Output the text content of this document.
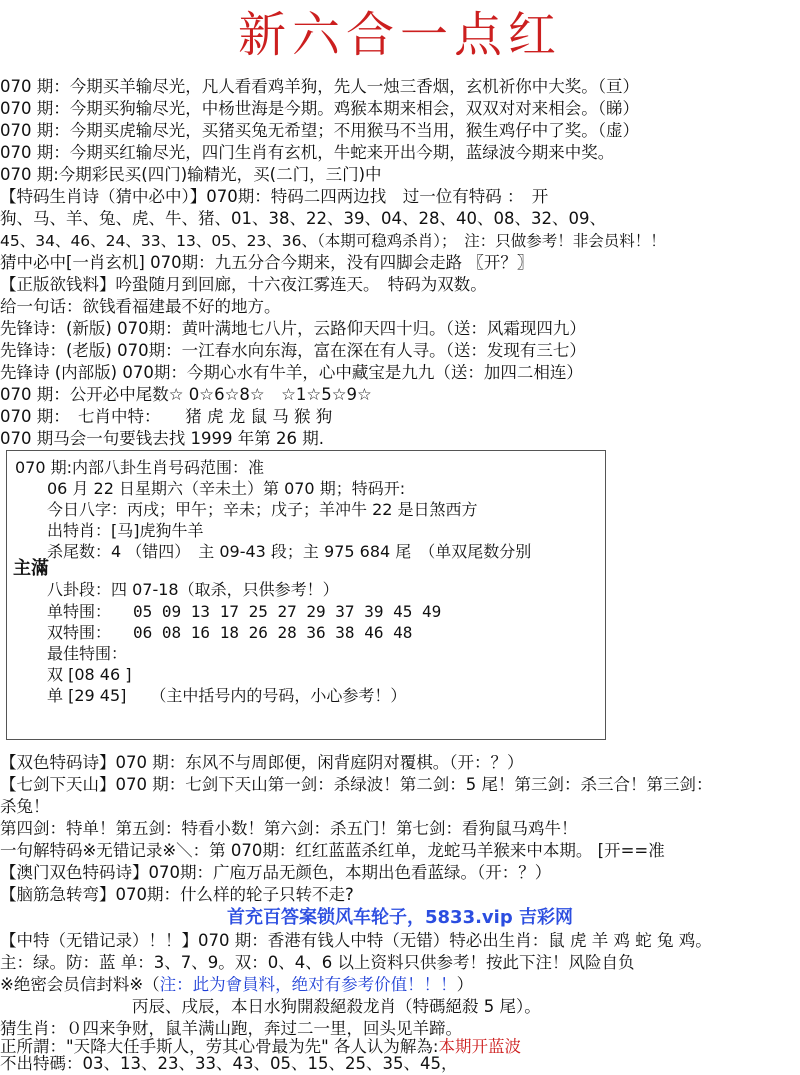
新六合一点红
070 期：今期买羊输尽光，凡人看看鸡羊狗，先人一烛三香烟，玄机祈你中大奖。（亘）
070 期：今期买狗输尽光，中杨世海是今期。鸡猴本期来相会，双双对对来相会。（睇）
070 期：今期买虎输尽光，买猪买兔无希望；不用猴马不当用，猴生鸡仔中了奖。（虚）
070 期：今期买红输尽光，四门生肖有玄机，牛蛇来开出今期，蓝绿波今期来中奖。
070 期:今期彩民买(四门)输精光，买(二门，三门)中
【特码生肖诗（猜中必中）】070期：特码二四两边找　过一位有特码 ：　开
狗、马、羊、兔、虎、牛、猪、01、38、22、39、04、28、40、08、32、09、
45、34、46、24、33、13、05、23、36、（本期可稳鸡杀肖）；　注：只做参考！非会员料！！
猜中必中[一肖玄机] 070期：九五分合今期来，没有四脚会走路 〖开？〗
【正版欲钱料】吟蛩随月到回廊，十六夜江雾连天。　特码为双数。
给一句话：欲钱看福建最不好的地方。
先锋诗：(新版) 070期：黄叶满地七八片，云路仰天四十归。（送：风霜现四九）
先锋诗：(老版) 070期：一江春水向东海，富在深在有人寻。（送：发现有三七）
先锋诗 (内部版) 070期：今期心水有牛羊，心中藏宝是九九（送：加四二相连）
070 期：公开必中尾数☆ 0☆6☆8☆　☆1☆5☆9☆
070 期：　七肖中特：　　猪 虎 龙 鼠 马 猴 狗
070 期马会一句要钱去找 1999 年第 26 期.
070 期:内部八卦生肖号码范围：准
06 月 22 日星期六（辛未土）第 070 期；特码开:
今日八字：丙戌；甲午；辛未；戊子；羊冲牛 22 是日煞西方
出特肖：[马]虎狗牛羊
杀尾数：4 （错四）　主 09-43 段；主 975 684 尾　（单双尾数分别
八卦段：四 07-18（取杀，只供参考！）
单特围： 05 09 13 17 25 27 29 37 39 45 49
双特围： 06 08 16 18 26 28 36 38 46 48
最佳特围：
双 [08 46 ]
单 [29 45]　　（主中括号内的号码，小心参考！）
主滿
【双色特码诗】070 期：东风不与周郎便，闲背庭阴对覆棋。（开：？）
【七剑下天山】070 期：七剑下天山第一剑：杀绿波！第二剑：5 尾！第三剑：杀三合！第三剑：
杀兔！
第四剑：特单！第五剑：特看小数！第六剑：杀五门！第七剑：看狗鼠马鸡牛！
一句解特码※无错记录※＼：第 070期：红红蓝蓝杀红单，龙蛇马羊猴来中本期。 [开==准
【澳门双色特码诗】070期：广庖万品无颜色，本期出色看蓝绿。（开：？）
【脑筋急转弯】070期：什么样的轮子只转不走?
首充百答案锁风车轮子，5833.vip 吉彩网
【中特（无错记录）！！】070 期：香港有钱人中特（无错）特必出生肖：鼠 虎 羊 鸡 蛇 兔 鸡。
主：绿。防：蓝 单：3、7、9。双：0、4、6 以上资料只供参考！按此下注！风险自负
※绝密会员信封料※（注：此为會員料，绝对有参考价值！！！）
　　　　　　　　丙辰、戌辰，本日水狗開殺絕殺龙肖（特碼絕殺 5 尾）。
猜生肖：０四来争财，鼠羊满山跑，奔过二一里，回头见羊蹄。
正所謂："天降大任手斯人，劳其心骨最为先" 各人认为解為:本期开蓝波
不出特碼：03、13、23、33、43、05、15、25、35、45，
